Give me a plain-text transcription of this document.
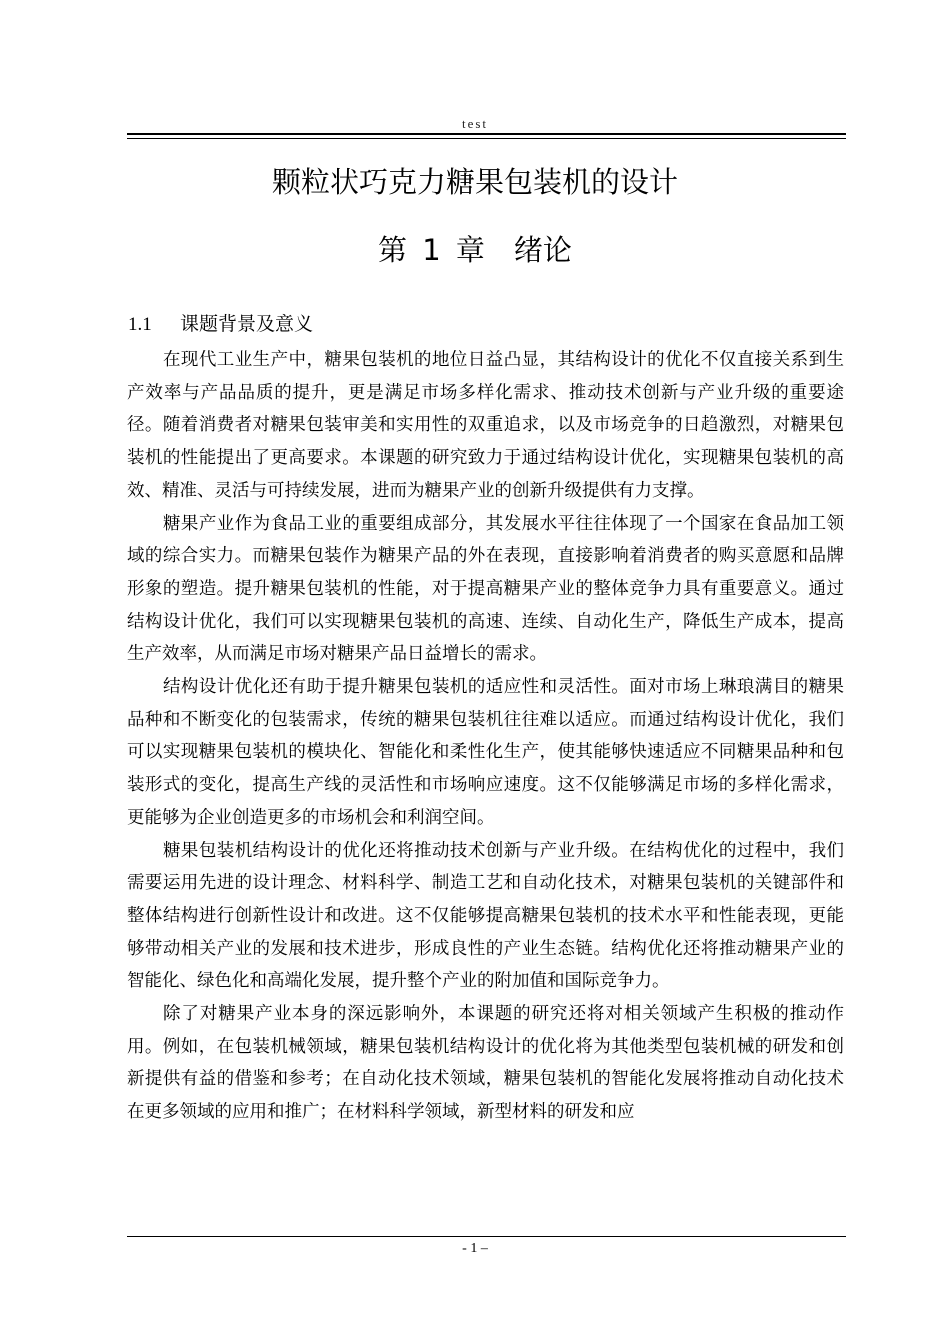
test
颗粒状巧克力糖果包装机的设计
第 1 章　绪论
1.1 课题背景及意义

在现代工业生产中，糖果包装机的地位日益凸显，其结构设计的优化不仅直接关系到生产效率与产品品质的提升，更是满足市场多样化需求、推动技术创新与产业升级的重要途径。随着消费者对糖果包装审美和实用性的双重追求，以及市场竞争的日趋激烈，对糖果包装机的性能提出了更高要求。本课题的研究致力于通过结构设计优化，实现糖果包装机的高效、精准、灵活与可持续发展，进而为糖果产业的创新升级提供有力支撑。

糖果产业作为食品工业的重要组成部分，其发展水平往往体现了一个国家在食品加工领域的综合实力。而糖果包装作为糖果产品的外在表现，直接影响着消费者的购买意愿和品牌形象的塑造。提升糖果包装机的性能，对于提高糖果产业的整体竞争力具有重要意义。通过结构设计优化，我们可以实现糖果包装机的高速、连续、自动化生产，降低生产成本，提高生产效率，从而满足市场对糖果产品日益增长的需求。

结构设计优化还有助于提升糖果包装机的适应性和灵活性。面对市场上琳琅满目的糖果品种和不断变化的包装需求，传统的糖果包装机往往难以适应。而通过结构设计优化，我们可以实现糖果包装机的模块化、智能化和柔性化生产，使其能够快速适应不同糖果品种和包装形式的变化，提高生产线的灵活性和市场响应速度。这不仅能够满足市场的多样化需求，更能够为企业创造更多的市场机会和利润空间。

糖果包装机结构设计的优化还将推动技术创新与产业升级。在结构优化的过程中，我们需要运用先进的设计理念、材料科学、制造工艺和自动化技术，对糖果包装机的关键部件和整体结构进行创新性设计和改进。这不仅能够提高糖果包装机的技术水平和性能表现，更能够带动相关产业的发展和技术进步，形成良性的产业生态链。结构优化还将推动糖果产业的智能化、绿色化和高端化发展，提升整个产业的附加值和国际竞争力。

除了对糖果产业本身的深远影响外，本课题的研究还将对相关领域产生积极的推动作用。例如，在包装机械领域，糖果包装机结构设计的优化将为其他类型包装机械的研发和创新提供有益的借鉴和参考；在自动化技术领域，糖果包装机的智能化发展将推动自动化技术在更多领域的应用和推广；在材料科学领域，新型材料的研发和应

- 1 –
